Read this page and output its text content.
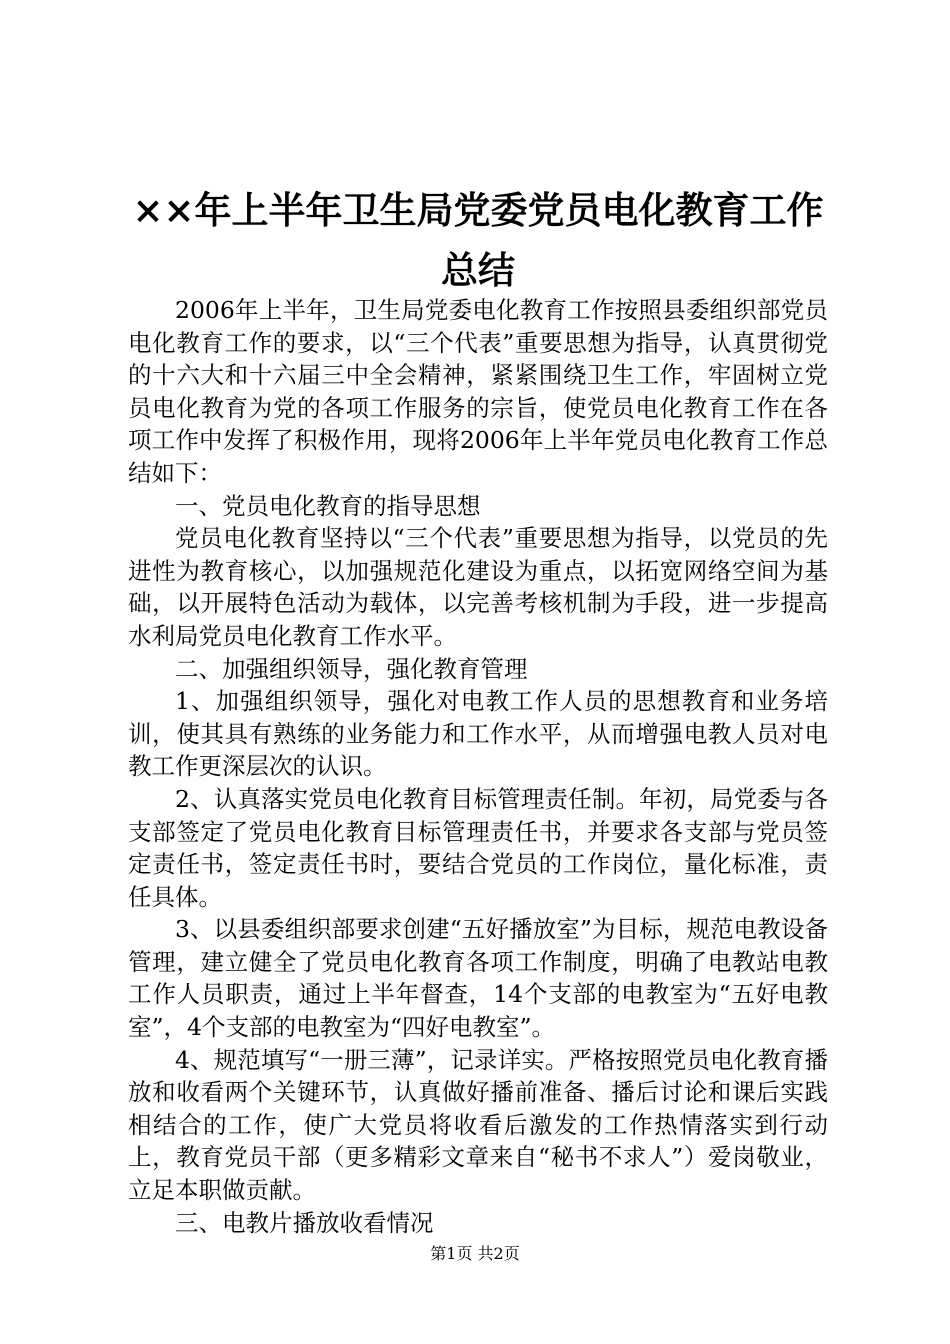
××年上半年卫生局党委党员电化教育工作总结

2006年上半年，卫生局党委电化教育工作按照县委组织部党员电化教育工作的要求，以“三个代表”重要思想为指导，认真贯彻党的十六大和十六届三中全会精神，紧紧围绕卫生工作，牢固树立党员电化教育为党的各项工作服务的宗旨，使党员电化教育工作在各项工作中发挥了积极作用，现将2006年上半年党员电化教育工作总结如下：

一、党员电化教育的指导思想

党员电化教育坚持以“三个代表”重要思想为指导，以党员的先进性为教育核心，以加强规范化建设为重点，以拓宽网络空间为基础，以开展特色活动为载体，以完善考核机制为手段，进一步提高水利局党员电化教育工作水平。

二、加强组织领导，强化教育管理

1、加强组织领导，强化对电教工作人员的思想教育和业务培训，使其具有熟练的业务能力和工作水平，从而增强电教人员对电教工作更深层次的认识。

2、认真落实党员电化教育目标管理责任制。年初，局党委与各支部签定了党员电化教育目标管理责任书，并要求各支部与党员签定责任书，签定责任书时，要结合党员的工作岗位，量化标准，责任具体。

3、以县委组织部要求创建“五好播放室”为目标，规范电教设备管理，建立健全了党员电化教育各项工作制度，明确了电教站电教工作人员职责，通过上半年督查，14个支部的电教室为“五好电教室”，4个支部的电教室为“四好电教室”。

4、规范填写“一册三薄”，记录详实。严格按照党员电化教育播放和收看两个关键环节，认真做好播前准备、播后讨论和课后实践相结合的工作，使广大党员将收看后激发的工作热情落实到行动上，教育党员干部（更多精彩文章来自“秘书不求人”）爱岗敬业，立足本职做贡献。

三、电教片播放收看情况

第1页 共2页
